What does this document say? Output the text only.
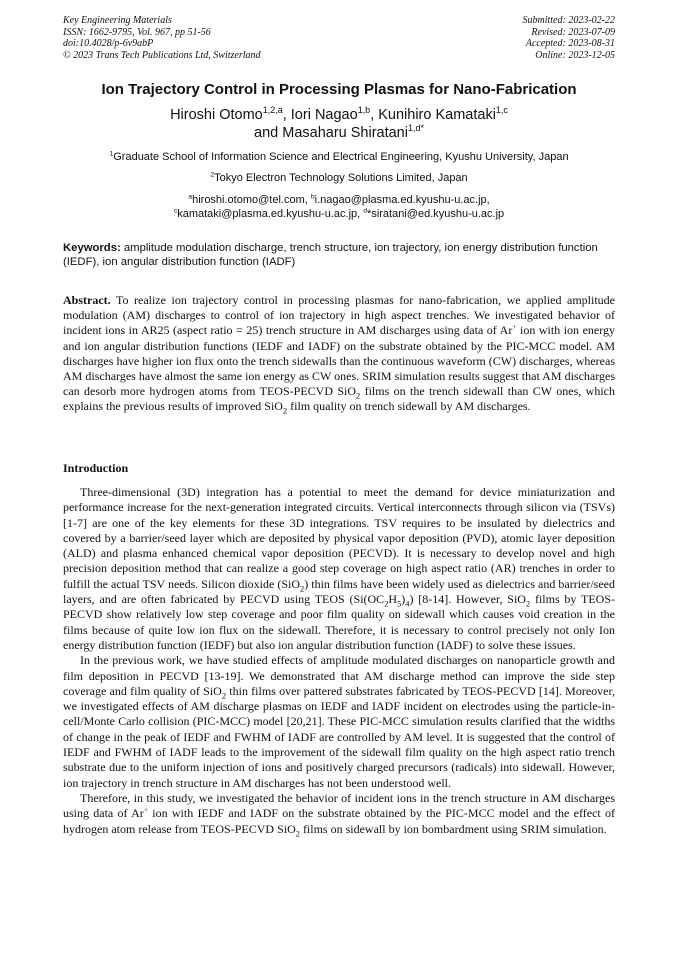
Key Engineering Materials
ISSN: 1662-9795, Vol. 967, pp 51-56
doi:10.4028/p-6v9abP
© 2023 Trans Tech Publications Ltd, Switzerland
Submitted: 2023-02-22
Revised: 2023-07-09
Accepted: 2023-08-31
Online: 2023-12-05
Ion Trajectory Control in Processing Plasmas for Nano-Fabrication
Hiroshi Otomo$^{1,2,a}$, Iori Nagao$^{1,b}$, Kunihiro Kamataki$^{1,c}$
and Masaharu Shiratani$^{1,d*}$
$^1$Graduate School of Information Science and Electrical Engineering, Kyushu University, Japan
$^2$Tokyo Electron Technology Solutions Limited, Japan
$^a$hiroshi.otomo@tel.com, $^b$i.nagao@plasma.ed.kyushu-u.ac.jp,
$^c$kamataki@plasma.ed.kyushu-u.ac.jp, $^d$*siratani@ed.kyushu-u.ac.jp
Keywords: amplitude modulation discharge, trench structure, ion trajectory, ion energy distribution function (IEDF), ion angular distribution function (IADF)
Abstract. To realize ion trajectory control in processing plasmas for nano-fabrication, we applied amplitude modulation (AM) discharges to control of ion trajectory in high aspect trenches. We investigated behavior of incident ions in AR25 (aspect ratio = 25) trench structure in AM discharges using data of Ar+ ion with ion energy and ion angular distribution functions (IEDF and IADF) on the substrate obtained by the PIC-MCC model. AM discharges have higher ion flux onto the trench sidewalls than the continuous waveform (CW) discharges, whereas AM discharges have almost the same ion energy as CW ones. SRIM simulation results suggest that AM discharges can desorb more hydrogen atoms from TEOS-PECVD SiO$_2$ films on the trench sidewall than CW ones, which explains the previous results of improved SiO$_2$ film quality on trench sidewall by AM discharges.
Introduction

Three-dimensional (3D) integration has a potential to meet the demand for device miniaturization and performance increase for the next-generation integrated circuits. Vertical interconnects through silicon via (TSVs) [1-7] are one of the key elements for these 3D integrations. TSV requires to be insulated by dielectrics and covered by a barrier/seed layer which are deposited by physical vapor deposition (PVD), atomic layer deposition (ALD) and plasma enhanced chemical vapor deposition (PECVD). It is necessary to develop novel and high precision deposition method that can realize a good step coverage on high aspect ratio (AR) trenches in order to fulfill the actual TSV needs. Silicon dioxide (SiO$_2$) thin films have been widely used as dielectrics and barrier/seed layers, and are often fabricated by PECVD using TEOS $(Si(OC_2H_5)_4)$ [8-14]. However, SiO$_2$ films by TEOS-PECVD show relatively low step coverage and poor film quality on sidewall which causes void creation in the films because of quite low ion flux on the sidewall. Therefore, it is necessary to control precisely not only Ion energy distribution function (IEDF) but also ion angular distribution function (IADF) to solve these issues.

In the previous work, we have studied effects of amplitude modulated discharges on nanoparticle growth and film deposition in PECVD [13-19]. We demonstrated that AM discharge method can improve the side step coverage and film quality of SiO$_2$ thin films over pattered substrates fabricated by TEOS-PECVD [14]. Moreover, we investigated effects of AM discharge plasmas on IEDF and IADF incident on electrodes using the particle-in-cell/Monte Carlo collision (PIC-MCC) model [20,21]. These PIC-MCC simulation results clarified that the widths of change in the peak of IEDF and FWHM of IADF are controlled by AM level. It is suggested that the control of IEDF and FWHM of IADF leads to the improvement of the sidewall film quality on the high aspect ratio trench substrate due to the uniform injection of ions and positively charged precursors (radicals) into sidewall. However, ion trajectory in trench structure in AM discharges has not been understood well.

Therefore, in this study, we investigated the behavior of incident ions in the trench structure in AM discharges using data of Ar+ ion with IEDF and IADF on the substrate obtained by the PIC-MCC model and the effect of hydrogen atom release from TEOS-PECVD SiO$_2$ films on sidewall by ion bombardment using SRIM simulation.
